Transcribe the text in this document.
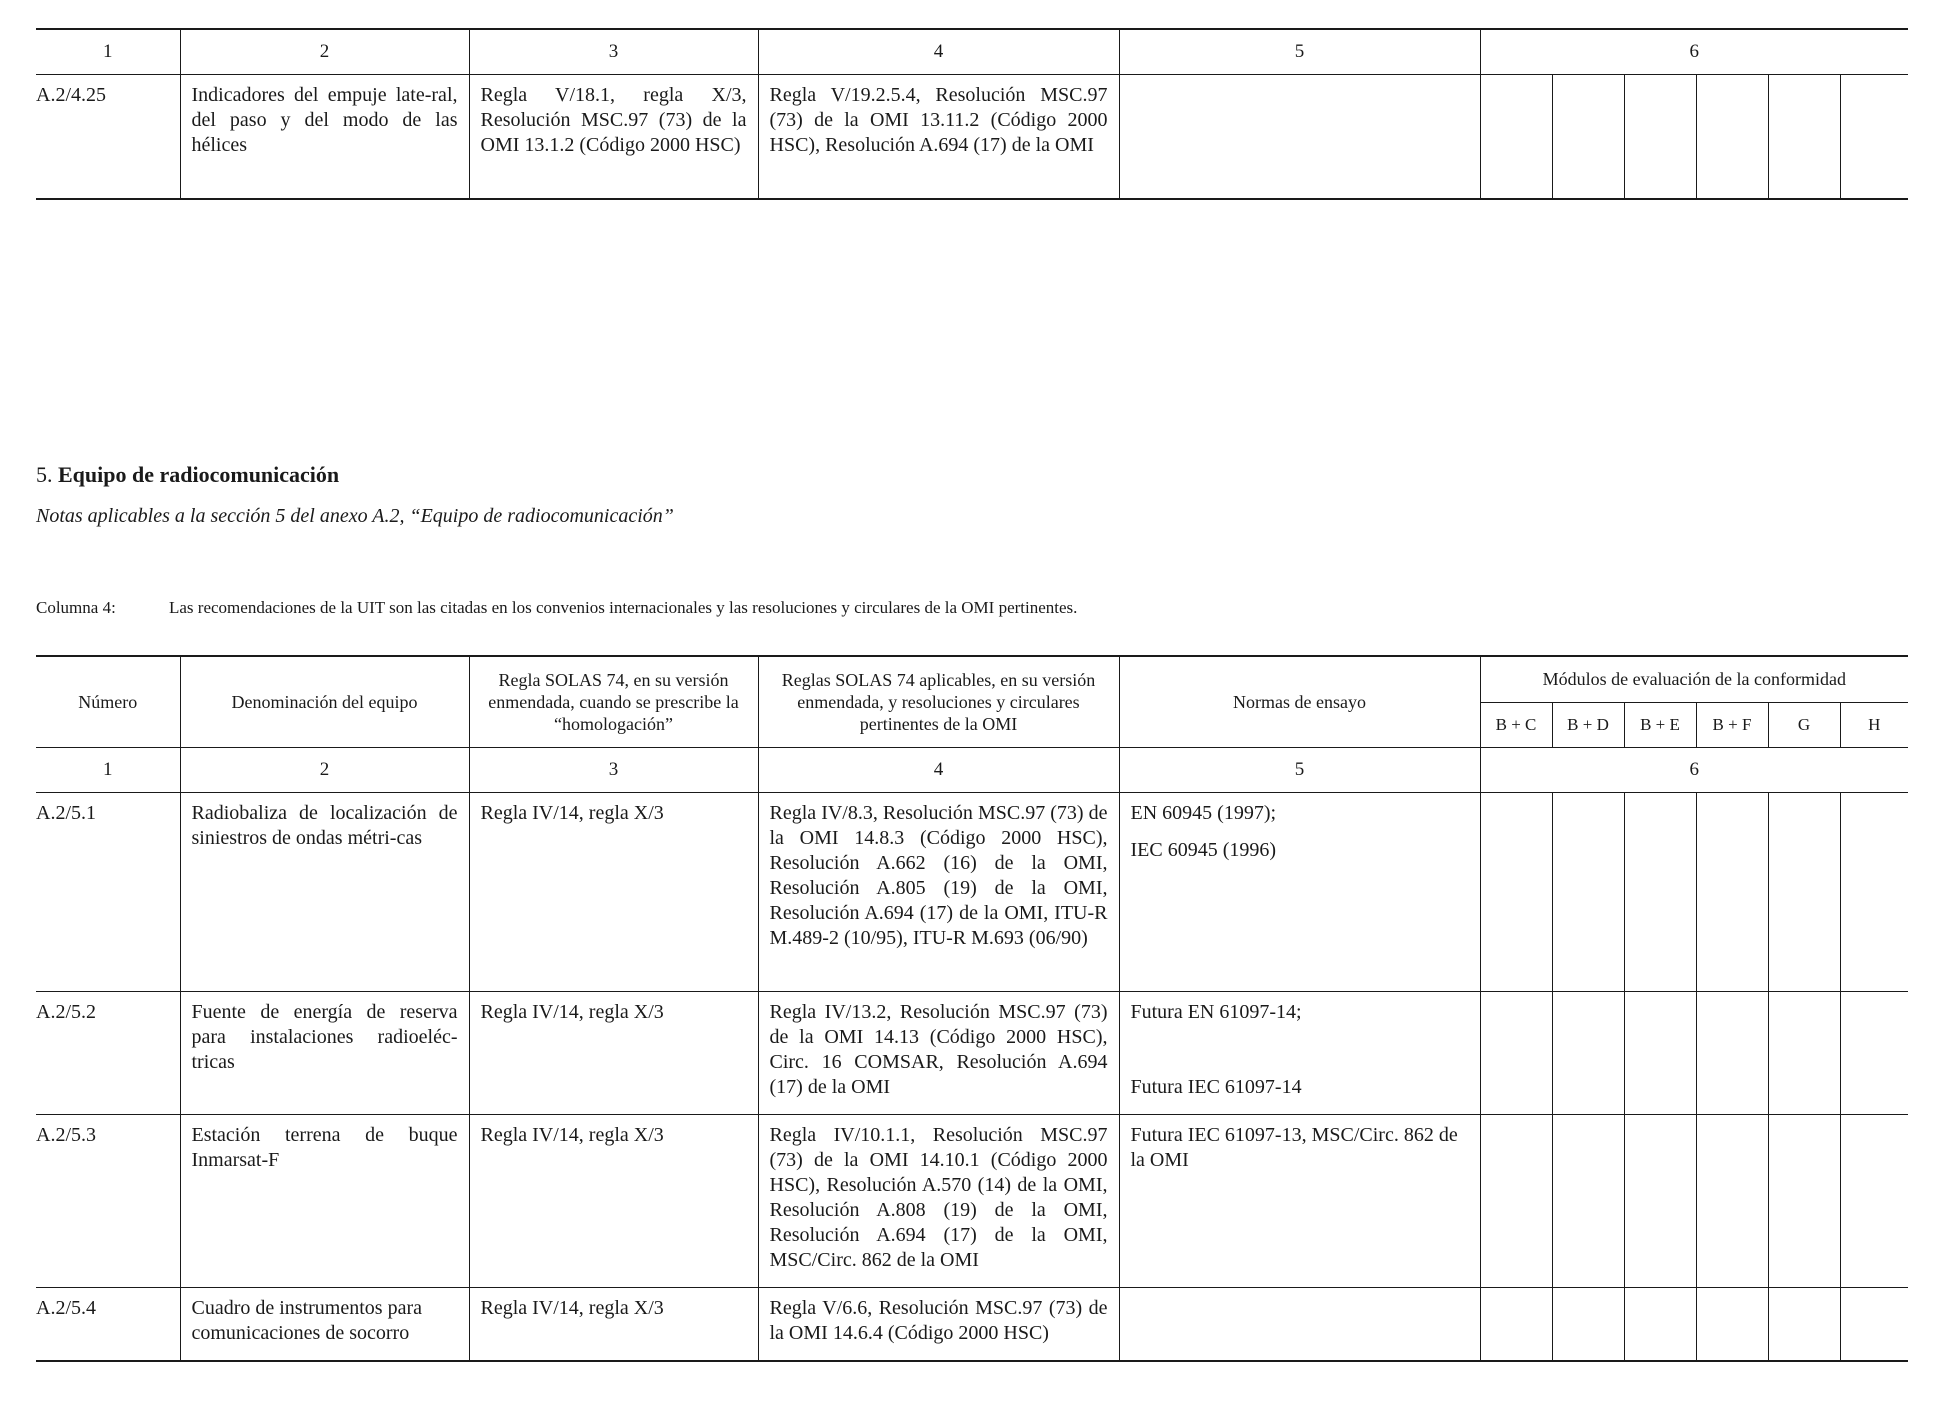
1	2	3	4	5	6					
A.2/4.25	Indicadores del empuje late-ral, del paso y del modo de las hélices	Regla V/18.1, regla X/3, Resolución MSC.97 (73) de la OMI 13.1.2 (Código 2000 HSC)	Regla V/19.2.5.4, Resolución MSC.97 (73) de la OMI 13.11.2 (Código 2000 HSC), Resolución A.694 (17) de la OMI							
5. Equipo de radiocomunicación
Notas aplicables a la sección 5 del anexo A.2, “Equipo de radiocomunicación”
Columna 4:	Las recomendaciones de la UIT son las citadas en los convenios internacionales y las resoluciones y circulares de la OMI pertinentes.
Número	Denominación del equipo	Regla SOLAS 74, en su versión enmendada, cuando se prescribe la “homologación”	Reglas SOLAS 74 aplicables, en su versión enmendada, y resoluciones y circulares pertinentes de la OMI	Normas de ensayo	Módulos de evaluación de la conformidad					
					B + C	B + D	B + E	B + F	G	H
1	2	3	4	5	6					
A.2/5.1	Radiobaliza de localización de siniestros de ondas métri-cas	Regla IV/14, regla X/3	Regla IV/8.3, Resolución MSC.97 (73) de la OMI 14.8.3 (Código 2000 HSC), Resolución A.662 (16) de la OMI, Resolución A.805 (19) de la OMI, Resolución A.694 (17) de la OMI, ITU-R M.489-2 (10/95), ITU-R M.693 (06/90)	EN 60945 (1997);

IEC 60945 (1996)						

A.2/5.2	Fuente de energía de reserva para instalaciones radioeléc-tricas	Regla IV/14, regla X/3	Regla IV/13.2, Resolución MSC.97 (73) de la OMI 14.13 (Código 2000 HSC), Circ. 16 COMSAR, Resolución A.694 (17) de la OMI	Futura EN 61097-14;

Futura IEC 61097-14						

A.2/5.3	Estación terrena de buque Inmarsat-F	Regla IV/14, regla X/3	Regla IV/10.1.1, Resolución MSC.97 (73) de la OMI 14.10.1 (Código 2000 HSC), Resolución A.570 (14) de la OMI, Resolución A.808 (19) de la OMI, Resolución A.694 (17) de la OMI, MSC/Circ. 862 de la OMI	Futura IEC 61097-13, MSC/Circ. 862 de la OMI						

A.2/5.4	Cuadro de instrumentos para comunicaciones de socorro	Regla IV/14, regla X/3	Regla V/6.6, Resolución MSC.97 (73) de la OMI 14.6.4 (Código 2000 HSC)							
